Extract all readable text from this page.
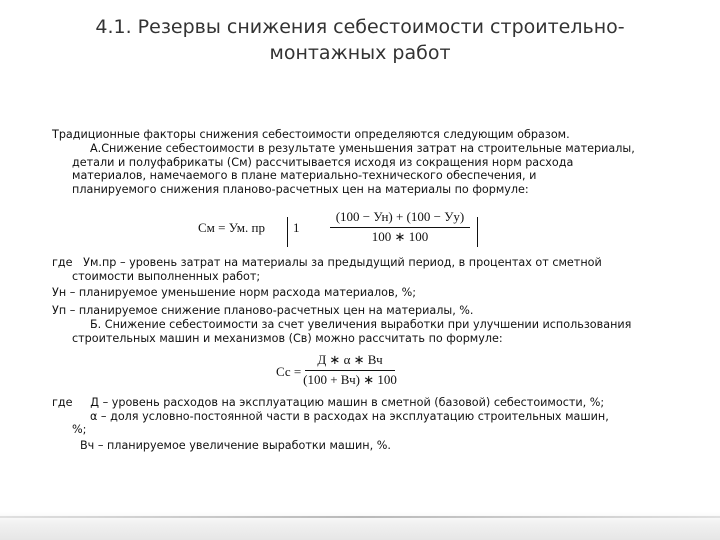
4.1. Резервы снижения себестоимости строительно-
монтажных работ
Традиционные факторы снижения себестоимости определяются следующим образом.
А.Снижение себестоимости в результате уменьшения затрат на строительные материалы,
детали и полуфабрикаты (См) рассчитывается исходя из сокращения норм расхода
материалов, намечаемого в плане материально-технического обеспечения, и
планируемого снижения планово-расчетных цен на материалы по формуле:
См = Ум. пр 1
(100 − Ун) + (100 − Уу)
100 ∗ 100
где Ум.пр – уровень затрат на материалы за предыдущий период, в процентах от сметной
стоимости выполненных работ;
Ун – планируемое уменьшение норм расхода материалов, %;
Уп – планируемое снижение планово-расчетных цен на материалы, %.
Б. Снижение себестоимости за счет увеличения выработки при улучшении использования
строительных машин и механизмов (Св) можно рассчитать по формуле:
Сс =
Д ∗ α ∗ Вч
(100 + Вч) ∗ 100
где Д – уровень расходов на эксплуатацию машин в сметной (базовой) себестоимости, %;
α – доля условно-постоянной части в расходах на эксплуатацию строительных машин,
%;
Вч – планируемое увеличение выработки машин, %.
